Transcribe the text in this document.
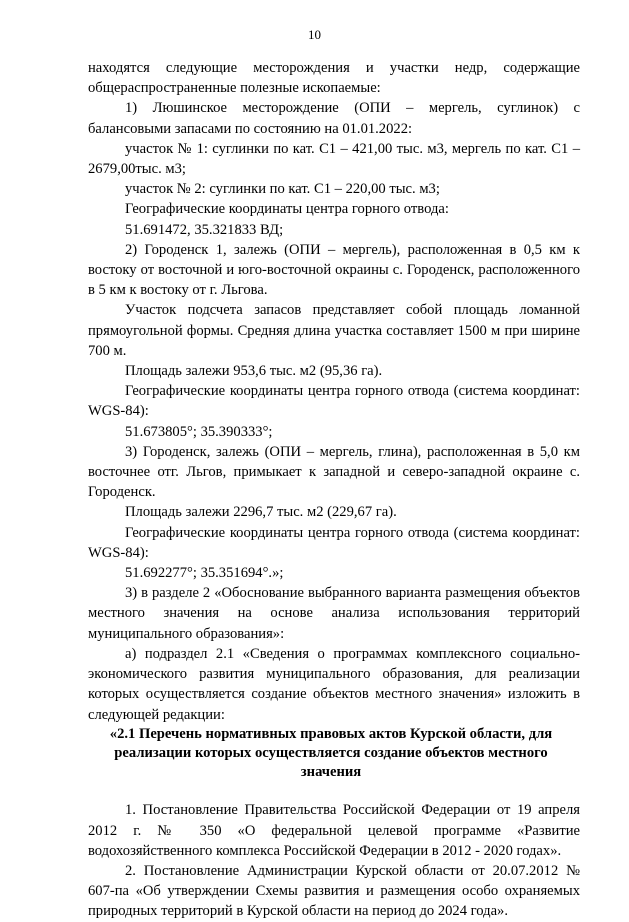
10

находятся следующие месторождения и участки недр, содержащие общераспространенные полезные ископаемые:

1) Люшинское месторождение (ОПИ – мергель, суглинок) с балансовыми запасами по состоянию на 01.01.2022:

участок № 1: суглинки по кат. С1 – 421,00 тыс. м3, мергель по кат. С1 – 2679,00тыс. м3;

участок № 2: суглинки по кат. С1 – 220,00 тыс. м3;

Географические координаты центра горного отвода:

51.691472, 35.321833 ВД;

2) Городенск 1, залежь (ОПИ – мергель), расположенная в 0,5 км к востоку от восточной и юго-восточной окраины с. Городенск, расположенного в 5 км к востоку от г. Льгова.

Участок подсчета запасов представляет собой площадь ломанной прямоугольной формы. Средняя длина участка составляет 1500 м при ширине 700 м.

Площадь залежи 953,6 тыс. м2 (95,36 га).

Географические координаты центра горного отвода (система координат: WGS-84):

51.673805°; 35.390333°;

3) Городенск, залежь (ОПИ – мергель, глина), расположенная в 5,0 км восточнее отг. Льгов, примыкает к западной и северо-западной окраине с. Городенск.

Площадь залежи 2296,7 тыс. м2 (229,67 га).

Географические координаты центра горного отвода (система координат: WGS-84):

51.692277°; 35.351694°.»;

3) в разделе 2 «Обоснование выбранного варианта размещения объектов местного значения на основе анализа использования территорий муниципального образования»:

а) подраздел 2.1 «Сведения о программах комплексного социально-экономического развития муниципального образования, для реализации которых осуществляется создание объектов местного значения» изложить в следующей редакции:

«2.1 Перечень нормативных правовых актов Курской области, для реализации которых осуществляется создание объектов местного значения

1. Постановление Правительства Российской Федерации от 19 апреля 2012 г. № 350 «О федеральной целевой программе «Развитие водохозяйственного комплекса Российской Федерации в 2012 - 2020 годах».

2. Постановление Администрации Курской области от 20.07.2012 № 607-па «Об утверждении Схемы развития и размещения особо охраняемых природных территорий в Курской области на период до 2024 года».
